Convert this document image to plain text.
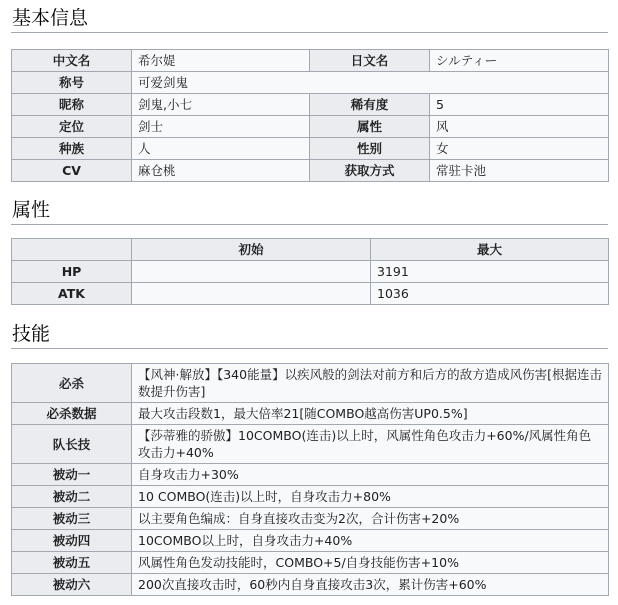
基本信息
中文名	希尔媞	日文名	シルティー
称号	可爱剑鬼		
昵称	剑鬼,小七	稀有度	5
定位	剑士	属性	风
种族	人	性别	女
CV	麻仓桃	获取方式	常驻卡池
属性
	初始	最大
HP		3191
ATK		1036
技能
必杀	【风神·解放】【340能量】以疾风般的剑法对前方和后方的敌方造成风伤害[根据连击数提升伤害]
必杀数据	最大攻击段数1，最大倍率21[随COMBO越高伤害UP0.5%]
队长技	【莎蒂雅的骄傲】10COMBO(连击)以上时，风属性角色攻击力+60%/风属性角色攻击力+40%
被动一	自身攻击力+30%
被动二	10 COMBO(连击)以上时，自身攻击力+80%
被动三	以主要角色编成：自身直接攻击变为2次，合计伤害+20%
被动四	10COMBO以上时，自身攻击力+40%
被动五	风属性角色发动技能时，COMBO+5/自身技能伤害+10%
被动六	200次直接攻击时，60秒内自身直接攻击3次，累计伤害+60%
